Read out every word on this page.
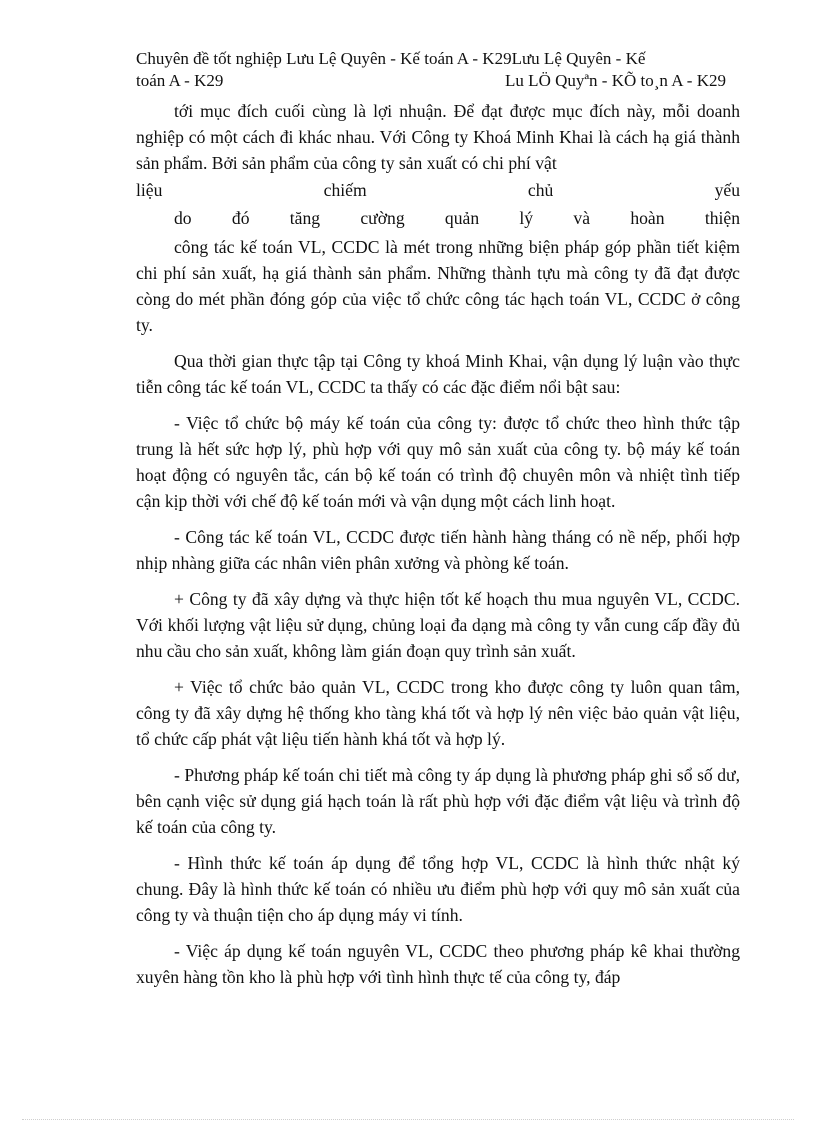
Chuyên đề tốt nghiệp Lưu Lệ Quyên - Kế toán A - K29Lưu Lệ Quyên - Kế
toán A - K29	Lu LÖ Quyªn - KÕ to¸n A - K29

tới mục đích cuối cùng là lợi nhuận. Để đạt được mục đích này, mỗi doanh nghiệp có một cách đi khác nhau. Với Công ty Khoá Minh Khai là cách hạ giá thành sản phẩm. Bởi sản phẩm của công ty sản xuất có chi phí vật

liệu	chiếm	chủ	yếu
do đó tăng cường quản lý và hoàn thiện

công tác kế toán VL, CCDC là mét trong những biện pháp góp phần tiết kiệm chi phí sản xuất, hạ giá thành sản phẩm. Những thành tựu mà công ty đã đạt được còng do mét phần đóng góp của việc tổ chức công tác hạch toán VL, CCDC ở công ty.

Qua thời gian thực tập tại Công ty khoá Minh Khai, vận dụng lý luận vào thực tiễn công tác kế toán VL, CCDC ta thấy có các đặc điểm nổi bật sau:

- Việc tổ chức bộ máy kế toán của công ty: được tổ chức theo hình thức tập trung là hết sức hợp lý, phù hợp với quy mô sản xuất của công ty. bộ máy kế toán hoạt động có nguyên tắc, cán bộ kế toán có trình độ chuyên môn và nhiệt tình tiếp cận kịp thời với chế độ kế toán mới và vận dụng một cách linh hoạt.

- Công tác kế toán VL, CCDC được tiến hành hàng tháng có nề nếp, phối hợp nhịp nhàng giữa các nhân viên phân xưởng và phòng kế toán.

+ Công ty đã xây dựng và thực hiện tốt kế hoạch thu mua nguyên VL, CCDC. Với khối lượng vật liệu sử dụng, chủng loại đa dạng mà công ty vẫn cung cấp đầy đủ nhu cầu cho sản xuất, không làm gián đoạn quy trình sản xuất.

+ Việc tổ chức bảo quản VL, CCDC trong kho được công ty luôn quan tâm, công ty đã xây dựng hệ thống kho tàng khá tốt và hợp lý nên việc bảo quản vật liệu, tổ chức cấp phát vật liệu tiến hành khá tốt và hợp lý.

- Phương pháp kế toán chi tiết mà công ty áp dụng là phương pháp ghi sổ số dư, bên cạnh việc sử dụng giá hạch toán là rất phù hợp với đặc điểm vật liệu và trình độ kế toán của công ty.

- Hình thức kế toán áp dụng để tổng hợp VL, CCDC là hình thức nhật ký chung. Đây là hình thức kế toán có nhiều ưu điểm phù hợp với quy mô sản xuất của công ty và thuận tiện cho áp dụng máy vi tính.

- Việc áp dụng kế toán nguyên VL, CCDC theo phương pháp kê khai thường xuyên hàng tồn kho là phù hợp với tình hình thực tế của công ty, đáp
